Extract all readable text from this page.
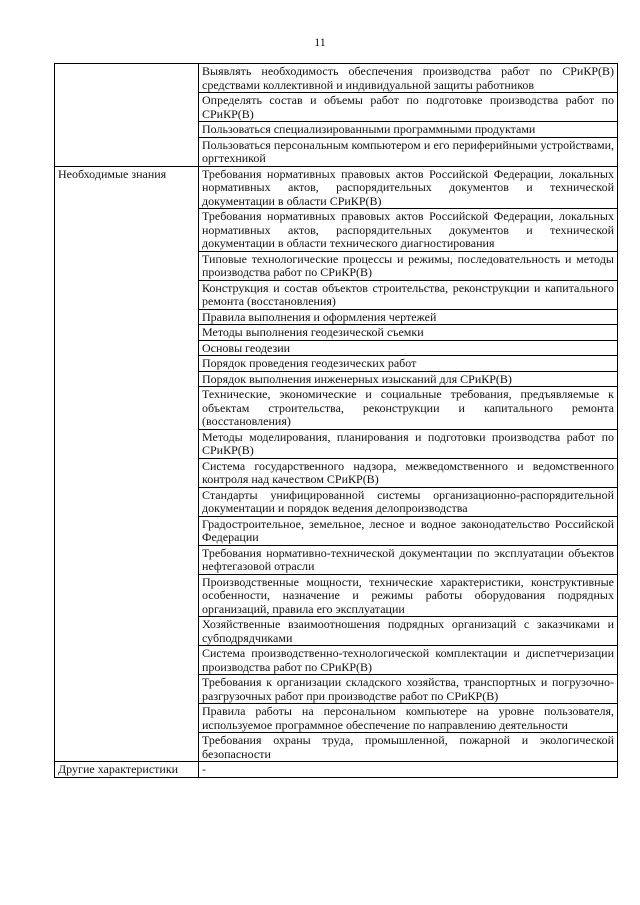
11
	Выявлять необходимость обеспечения производства работ по СРиКР(В) средствами коллективной и индивидуальной защиты работников
	Определять состав и объемы работ по подготовке производства работ по СРиКР(В)
	Пользоваться специализированными программными продуктами
	Пользоваться персональным компьютером и его периферийными устройствами, оргтехникой
Необходимые знания	Требования нормативных правовых актов Российской Федерации, локальных нормативных актов, распорядительных документов и технической документации в области СРиКР(В)
	Требования нормативных правовых актов Российской Федерации, локальных нормативных актов, распорядительных документов и технической документации в области технического диагностирования
	Типовые технологические процессы и режимы, последовательность и методы производства работ по СРиКР(В)
	Конструкция и состав объектов строительства, реконструкции и капитального ремонта (восстановления)
	Правила выполнения и оформления чертежей
	Методы выполнения геодезической съемки
	Основы геодезии
	Порядок проведения геодезических работ
	Порядок выполнения инженерных изысканий для СРиКР(В)
	Технические, экономические и социальные требования, предъявляемые к объектам строительства, реконструкции и капитального ремонта (восстановления)
	Методы моделирования, планирования и подготовки производства работ по СРиКР(В)
	Система государственного надзора, межведомственного и ведомственного контроля над качеством СРиКР(В)
	Стандарты унифицированной системы организационно-распорядительной документации и порядок ведения делопроизводства
	Градостроительное, земельное, лесное и водное законодательство Российской Федерации
	Требования нормативно-технической документации по эксплуатации объектов нефтегазовой отрасли
	Производственные мощности, технические характеристики, конструктивные особенности, назначение и режимы работы оборудования подрядных организаций, правила его эксплуатации
	Хозяйственные взаимоотношения подрядных организаций с заказчиками и субподрядчиками
	Система производственно-технологической комплектации и диспетчеризации производства работ по СРиКР(В)
	Требования к организации складского хозяйства, транспортных и погрузочно-разгрузочных работ при производстве работ по СРиКР(В)
	Правила работы на персональном компьютере на уровне пользователя, используемое программное обеспечение по направлению деятельности
	Требования охраны труда, промышленной, пожарной и экологической безопасности
Другие характеристики	-
